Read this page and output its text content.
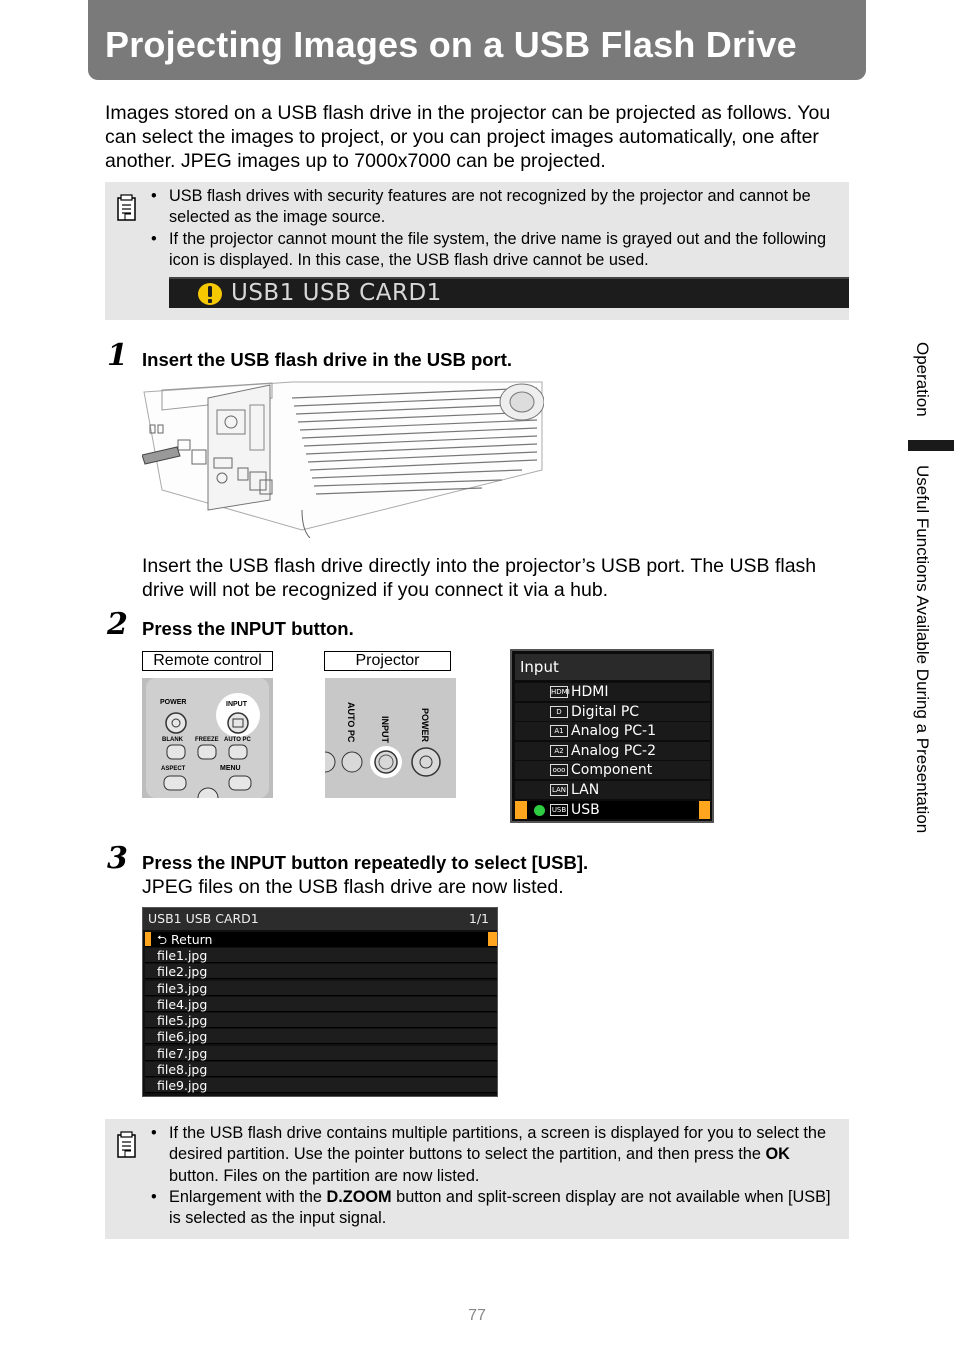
Projecting Images on a USB Flash Drive

Images stored on a USB flash drive in the projector can be projected as follows. You can select the images to project, or you can project images automatically, one after another. JPEG images up to 7000x7000 can be projected.

• USB flash drives with security features are not recognized by the projector and cannot be selected as the image source.
• If the projector cannot mount the file system, the drive name is grayed out and the following icon is displayed. In this case, the USB flash drive cannot be used.
USB1 USB CARD1
1 Insert the USB flash drive in the USB port.

Insert the USB flash drive directly into the projector’s USB port. The USB flash drive will not be recognized if you connect it via a hub.

2 Press the INPUT button.
Remote control	Projector
POWER	INPUT
BLANK FREEZE AUTO PC
ASPECT	MENU
AUTO PC	INPUT	POWER
Input
HDMI HDMI
D Digital PC
A1 Analog PC-1
A2 Analog PC-2
ooo Component
LAN LAN
USB USB
3 Press the INPUT button repeatedly to select [USB].

JPEG files on the USB flash drive are now listed.

USB1 USB CARD1	1/1
⮌ Return
file1.jpg
file2.jpg
file3.jpg
file4.jpg
file5.jpg
file6.jpg
file7.jpg
file8.jpg
file9.jpg
• If the USB flash drive contains multiple partitions, a screen is displayed for you to select the desired partition. Use the pointer buttons to select the partition, and then press the OK button. Files on the partition are now listed.
• Enlargement with the D.ZOOM button and split-screen display are not available when [USB] is selected as the input signal.
Operation
Useful Functions Available During a Presentation
77
